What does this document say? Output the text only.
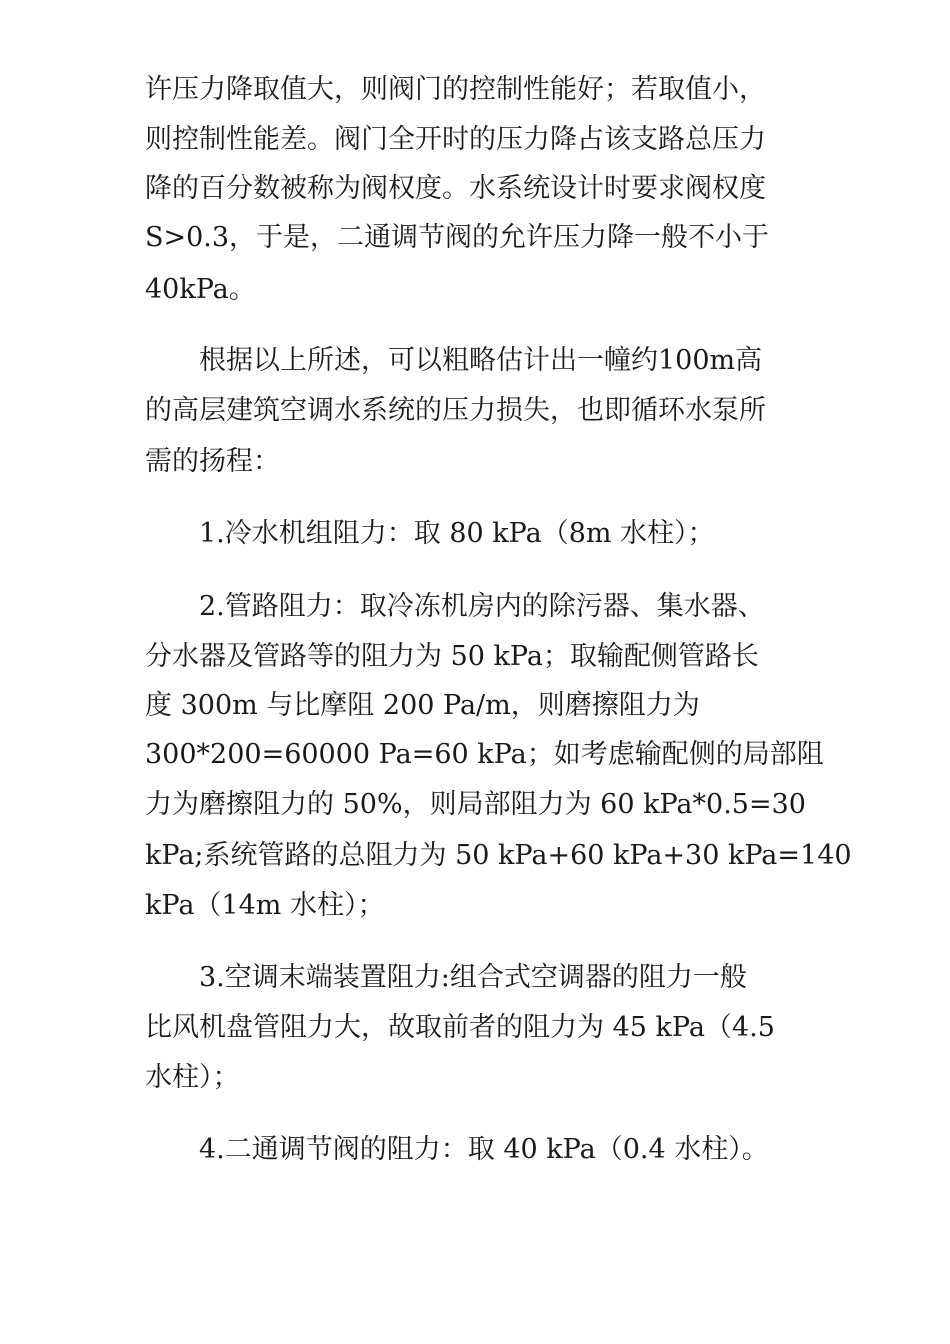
许压力降取值大，则阀门的控制性能好；若取值小，
则控制性能差。阀门全开时的压力降占该支路总压力
降的百分数被称为阀权度。水系统设计时要求阀权度
S>0.3，于是，二通调节阀的允许压力降一般不小于
40kPa。
　　根据以上所述，可以粗略估计出一幢约100m高
的高层建筑空调水系统的压力损失，也即循环水泵所
需的扬程：
　　1.冷水机组阻力：取 80 kPa（8m 水柱）；
　　2.管路阻力：取冷冻机房内的除污器、集水器、
分水器及管路等的阻力为 50 kPa；取输配侧管路长
度 300m 与比摩阻 200 Pa/m，则磨擦阻力为
300*200=60000 Pa=60 kPa；如考虑输配侧的局部阻
力为磨擦阻力的 50%，则局部阻力为 60 kPa*0.5=30
kPa;系统管路的总阻力为 50 kPa+60 kPa+30 kPa=140
kPa（14m 水柱）；
　　3.空调末端装置阻力:组合式空调器的阻力一般
比风机盘管阻力大，故取前者的阻力为 45 kPa（4.5
水柱）；
　　4.二通调节阀的阻力：取 40 kPa（0.4 水柱）。
